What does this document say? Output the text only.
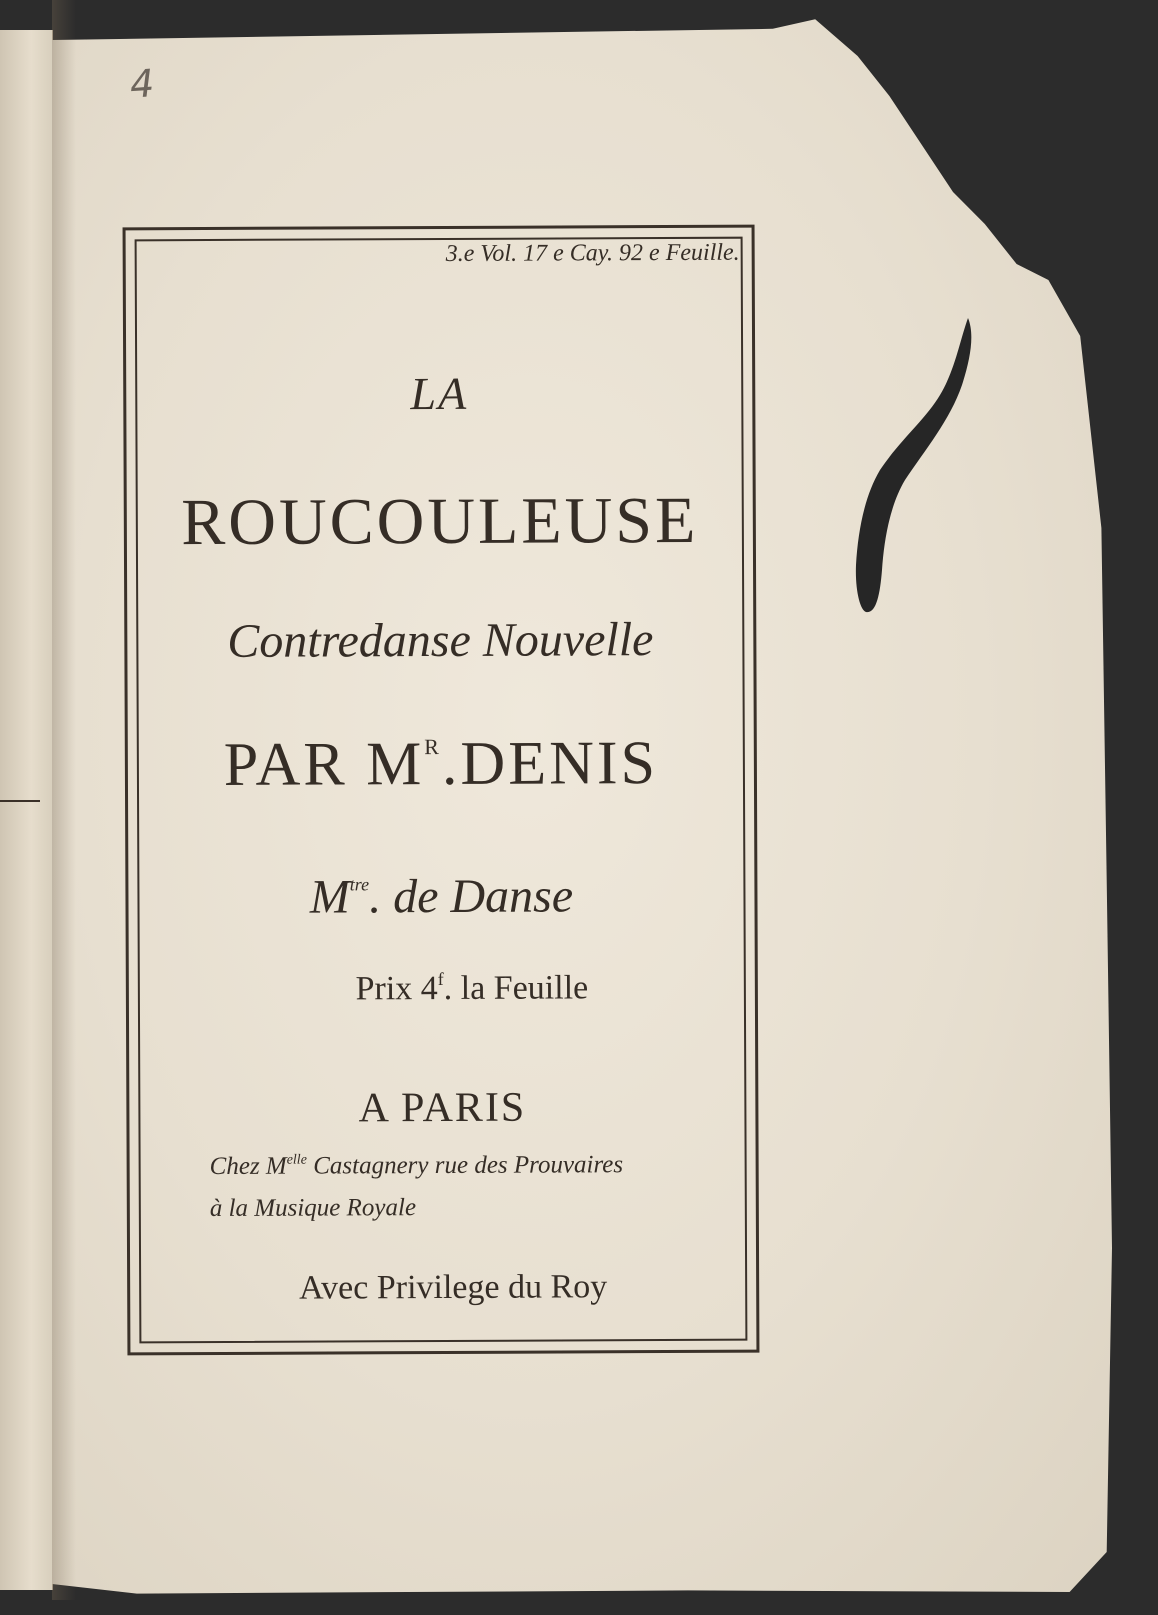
4
3.e Vol. 17 e Cay. 92 e Feuille.
LA
ROUCOULEUSE
Contredanse Nouvelle
PAR $M^R.DENIS$
$M^{tre}$. de Danse
Prix 4$^f$. la Feuille
A PARIS
Chez $M^{elle}$ Castagnery rue des Prouvaires
à la Musique Royale
Avec Privilege du Roy
